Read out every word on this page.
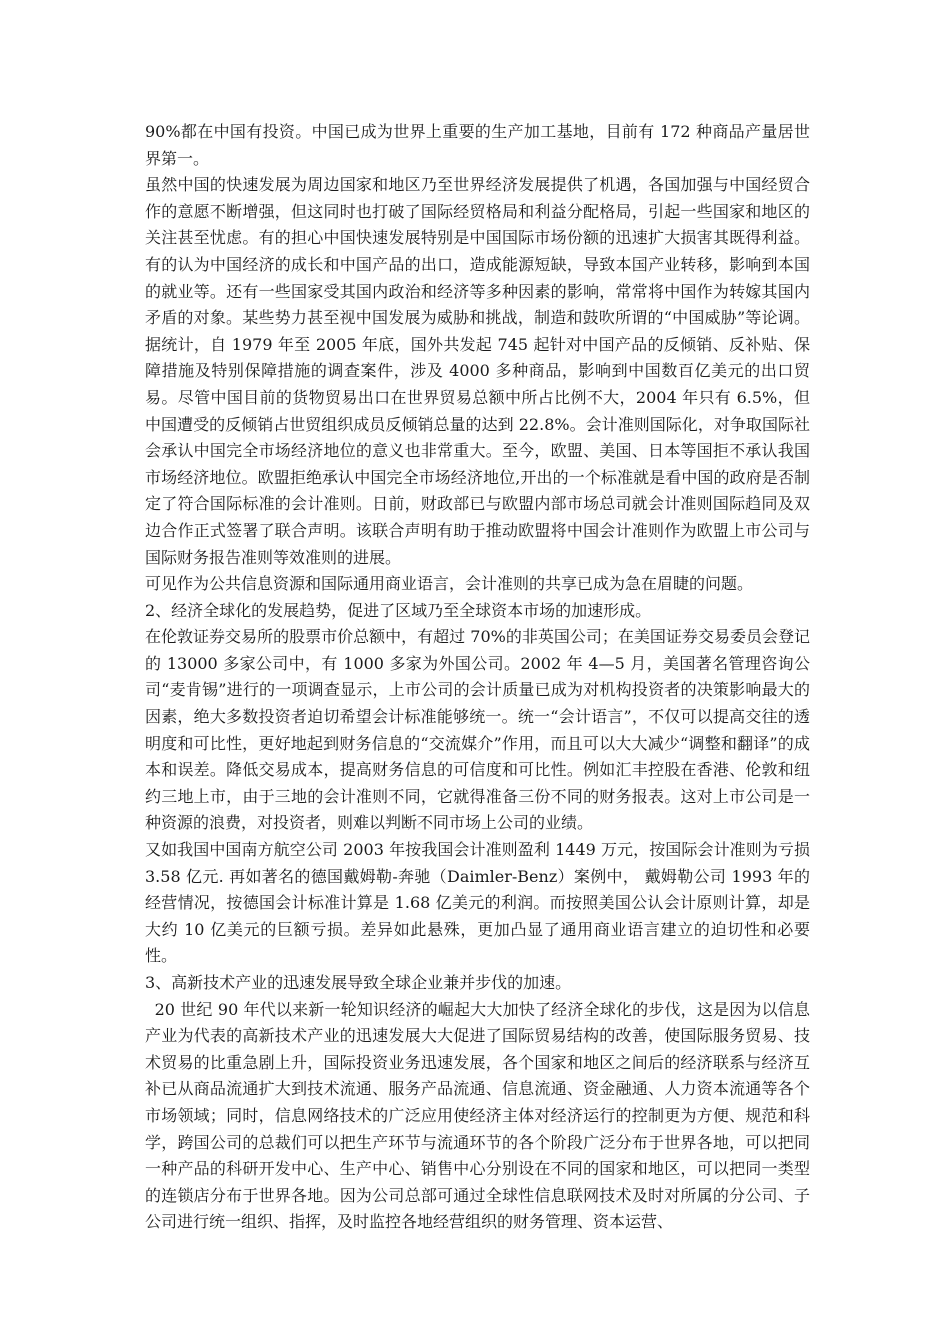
90%都在中国有投资。中国已成为世界上重要的生产加工基地，目前有 172 种商品产量居世界第一。

虽然中国的快速发展为周边国家和地区乃至世界经济发展提供了机遇，各国加强与中国经贸合作的意愿不断增强，但这同时也打破了国际经贸格局和利益分配格局，引起一些国家和地区的关注甚至忧虑。有的担心中国快速发展特别是中国国际市场份额的迅速扩大损害其既得利益。有的认为中国经济的成长和中国产品的出口，造成能源短缺，导致本国产业转移，影响到本国的就业等。还有一些国家受其国内政治和经济等多种因素的影响，常常将中国作为转嫁其国内矛盾的对象。某些势力甚至视中国发展为威胁和挑战，制造和鼓吹所谓的“中国威胁”等论调。据统计，自 1979 年至 2005 年底，国外共发起 745 起针对中国产品的反倾销、反补贴、保障措施及特别保障措施的调查案件，涉及 4000 多种商品，影响到中国数百亿美元的出口贸易。尽管中国目前的货物贸易出口在世界贸易总额中所占比例不大，2004 年只有 6.5%，但中国遭受的反倾销占世贸组织成员反倾销总量的达到 22.8%。会计准则国际化，对争取国际社会承认中国完全市场经济地位的意义也非常重大。至今，欧盟、美国、日本等国拒不承认我国市场经济地位。欧盟拒绝承认中国完全市场经济地位,开出的一个标准就是看中国的政府是否制定了符合国际标准的会计准则。日前，财政部已与欧盟内部市场总司就会计准则国际趋同及双边合作正式签署了联合声明。该联合声明有助于推动欧盟将中国会计准则作为欧盟上市公司与国际财务报告准则等效准则的进展。

可见作为公共信息资源和国际通用商业语言，会计准则的共享已成为急在眉睫的问题。

2、经济全球化的发展趋势，促进了区域乃至全球资本市场的加速形成。

在伦敦证券交易所的股票市价总额中，有超过 70%的非英国公司；在美国证券交易委员会登记的 13000 多家公司中，有 1000 多家为外国公司。2002 年 4—5 月，美国著名管理咨询公司“麦肯锡”进行的一项调查显示，上市公司的会计质量已成为对机构投资者的决策影响最大的因素，绝大多数投资者迫切希望会计标准能够统一。统一“会计语言”，不仅可以提高交往的透明度和可比性，更好地起到财务信息的“交流媒介”作用，而且可以大大减少“调整和翻译”的成本和误差。降低交易成本，提高财务信息的可信度和可比性。例如汇丰控股在香港、伦敦和纽约三地上市，由于三地的会计准则不同，它就得准备三份不同的财务报表。这对上市公司是一种资源的浪费，对投资者，则难以判断不同市场上公司的业绩。

又如我国中国南方航空公司 2003 年按我国会计准则盈利 1449 万元，按国际会计准则为亏损 3.58 亿元. 再如著名的德国戴姆勒-奔驰（Daimler-Benz）案例中， 戴姆勒公司 1993 年的经营情况，按德国会计标准计算是 1.68 亿美元的利润。而按照美国公认会计原则计算，却是大约 10 亿美元的巨额亏损。差异如此悬殊，更加凸显了通用商业语言建立的迫切性和必要性。

3、高新技术产业的迅速发展导致全球企业兼并步伐的加速。

20 世纪 90 年代以来新一轮知识经济的崛起大大加快了经济全球化的步伐，这是因为以信息产业为代表的高新技术产业的迅速发展大大促进了国际贸易结构的改善，使国际服务贸易、技术贸易的比重急剧上升，国际投资业务迅速发展，各个国家和地区之间后的经济联系与经济互补已从商品流通扩大到技术流通、服务产品流通、信息流通、资金融通、人力资本流通等各个市场领域；同时，信息网络技术的广泛应用使经济主体对经济运行的控制更为方便、规范和科学，跨国公司的总裁们可以把生产环节与流通环节的各个阶段广泛分布于世界各地，可以把同一种产品的科研开发中心、生产中心、销售中心分别设在不同的国家和地区，可以把同一类型的连锁店分布于世界各地。因为公司总部可通过全球性信息联网技术及时对所属的分公司、子公司进行统一组织、指挥，及时监控各地经营组织的财务管理、资本运营、
